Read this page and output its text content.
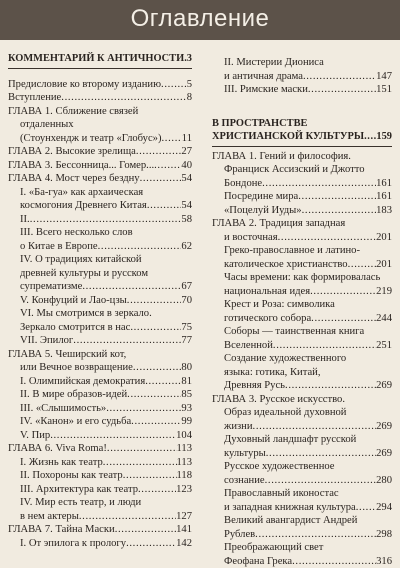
Оглавление
КОММЕНТАРИЙ К АНТИЧНОСТИ . . . 3
Предисловие ко второму изданию . . . 5
Вступление . . .	8
ГЛАВА 1. Сближение связей
отдаленных
(Стоунхендж и театр «Глобус») . . . 11
ГЛАВА 2. Высокие зрелища . . .	27
ГЛАВА 3. Бессонница... Гомер... . . .	40
ГЛАВА 4. Мост через бездну . . .	54
I. «Ба-гуа» как архаическая
космогония Древнего Китая . . .	54
II. . . .	58
III. Всего несколько слов
о Китае в Европе . . .	62
IV. О традициях китайской
древней культуры и русском
супрематизме . . .	67
V. Конфуций и Лао-цзы . . .	70
VI. Мы смотримся в зеркало.
Зеркало смотрится в нас . . .	75
VII. Эпилог . . .	77
ГЛАВА 5. Чеширский кот,
или Вечное возвращение . . .	80
I. Олимпийская демократия . . .	81
II. В мире образов-идей . . .	85
III. «Слышимость» . . .	93
IV. «Канон» и его судьба . . .	99
V. Пир . . .	104
ГЛАВА 6. Viva Roma! . . .	113
I. Жизнь как театр . . .	113
II. Похороны как театр . . .	118
III. Архитектура как театр . . .	123
IV. Мир есть театр, и люди
в нем актеры . . .	127
ГЛАВА 7. Тайна Маски . . .	141
I. От эпилога к прологу . . .	142
II. Мистерии Диониса
и античная драма . . .	147
III. Римские маски . . .	151
В ПРОСТРАНСТВЕ
ХРИСТИАНСКОЙ КУЛЬТУРЫ . . . 159
ГЛАВА 1. Гений и философия.
Франциск Ассизский и Джотто
Бондоне . . .	161
Посредине мира . . .	161
«Поцелуй Иуды» . . .	183
ГЛАВА 2. Традиция западная
и восточная . . .	201
Греко-православное и латино-
католическое христианство . . .	201
Часы времени: как формировалась
национальная идея . . .	219
Крест и Роза: символика
готического собора . . .	244
Соборы — таинственная книга
Вселенной . . .	251
Создание художественного
языка: готика, Китай,
Древняя Русь . . .	269
ГЛАВА 3. Русское искусство.
Образ идеальной духовной
жизни . . .	269
Духовный ландшафт русской
культуры . . .	269
Русское художественное
сознание . . .	280
Православный иконостас
и западная книжная культура . . . 294
Великий авангардист Андрей
Рублев . . .	298
Преображающий свет
Феофана Грека . . .	316
